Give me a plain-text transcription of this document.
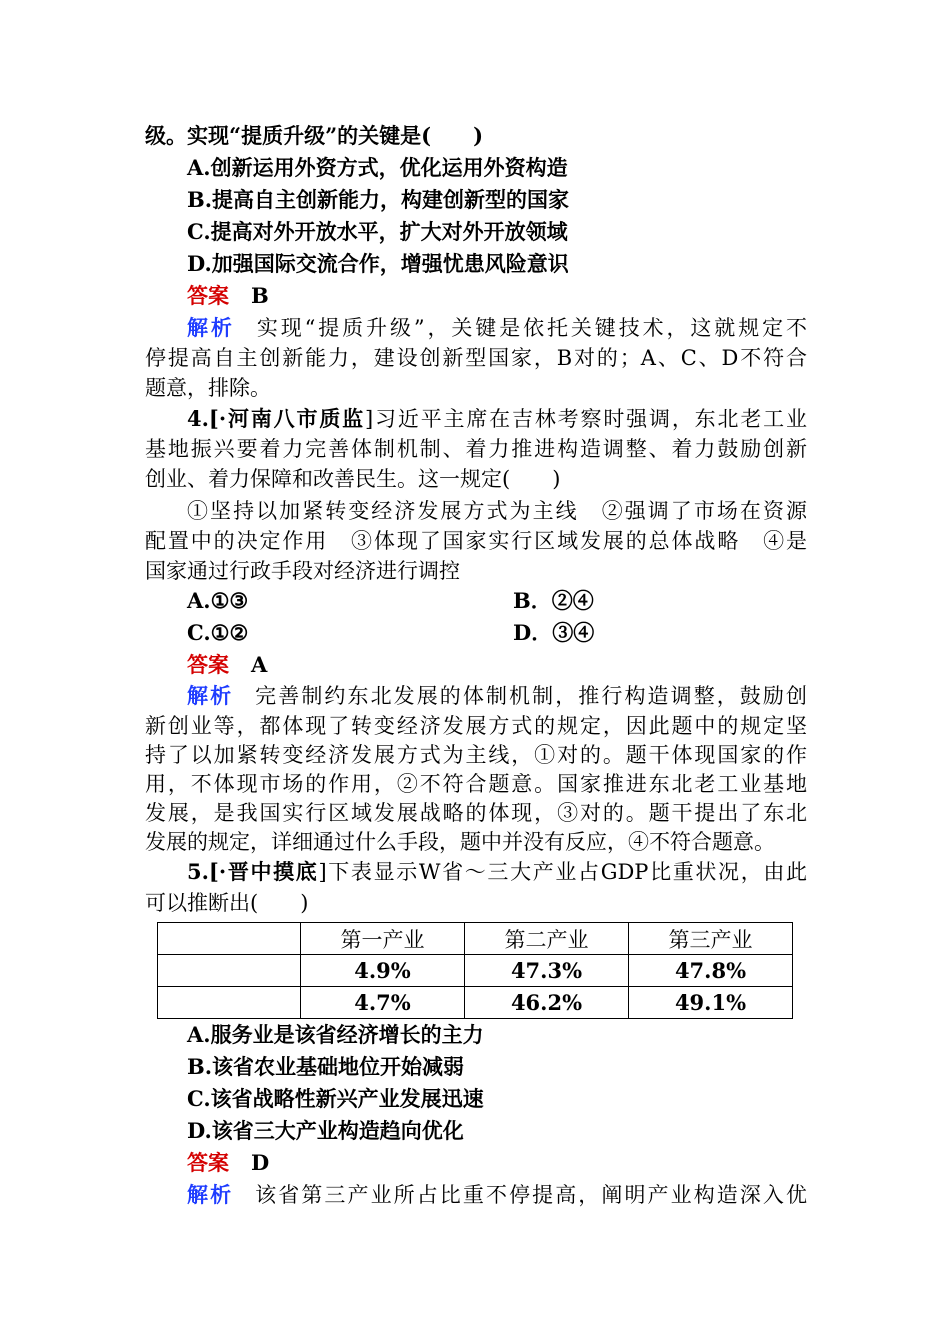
级。实现“提质升级”的关键是(　　)
A.创新运用外资方式，优化运用外资构造
B.提高自主创新能力，构建创新型的国家
C.提高对外开放水平，扩大对外开放领域
D.加强国际交流合作，增强忧患风险意识
答案 B
解析 实现“提质升级”，关键是依托关键技术，这就规定不
停提高自主创新能力，建设创新型国家，B对的；A、C、D不符合
题意，排除。
4.[·河南八市质监]习近平主席在吉林考察时强调，东北老工业
基地振兴要着力完善体制机制、着力推进构造调整、着力鼓励创新
创业、着力保障和改善民生。这一规定(　　)
①坚持以加紧转变经济发展方式为主线　②强调了市场在资源
配置中的决定作用　③体现了国家实行区域发展的总体战略　④是
国家通过行政手段对经济进行调控
A.①③	B．②④
C.①②	D．③④
答案 A
解析 完善制约东北发展的体制机制，推行构造调整，鼓励创
新创业等，都体现了转变经济发展方式的规定，因此题中的规定坚
持了以加紧转变经济发展方式为主线，①对的。题干体现国家的作
用，不体现市场的作用，②不符合题意。国家推进东北老工业基地
发展，是我国实行区域发展战略的体现，③对的。题干提出了东北
发展的规定，详细通过什么手段，题中并没有反应，④不符合题意。
5.[·晋中摸底]下表显示W省～三大产业占GDP比重状况，由此
可以推断出(　　)
	第一产业	第二产业	第三产业
	4.9%	47.3%	47.8%
	4.7%	46.2%	49.1%
A.服务业是该省经济增长的主力
B.该省农业基础地位开始减弱
C.该省战略性新兴产业发展迅速
D.该省三大产业构造趋向优化
答案 D
解析 该省第三产业所占比重不停提高，阐明产业构造深入优
